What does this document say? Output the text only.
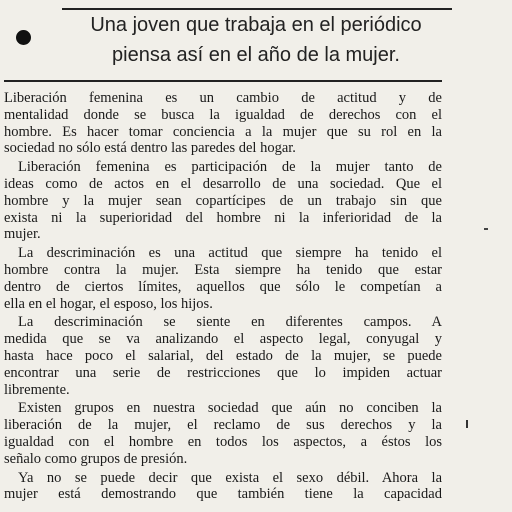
Una joven que trabaja en el periódico
piensa así en el año de la mujer.
Liberación femenina es un cambio de actitud y de
mentalidad donde se busca la igualdad de derechos con el
hombre. Es hacer tomar conciencia a la mujer que su rol en la
sociedad no sólo está dentro las paredes del hogar.
Liberación femenina es participación de la mujer tanto de
ideas como de actos en el desarrollo de una sociedad. Que el
hombre y la mujer sean copartícipes de un trabajo sin que
exista ni la superioridad del hombre ni la inferioridad de la
mujer.
La descriminación es una actitud que siempre ha tenido el
hombre contra la mujer. Esta siempre ha tenido que estar
dentro de ciertos límites, aquellos que sólo le competían a
ella en el hogar, el esposo, los hijos.
La descriminación se siente en diferentes campos. A
medida que se va analizando el aspecto legal, conyugal y
hasta hace poco el salarial, del estado de la mujer, se puede
encontrar una serie de restricciones que lo impiden actuar
libremente.
Existen grupos en nuestra sociedad que aún no conciben la
liberación de la mujer, el reclamo de sus derechos y la
igualdad con el hombre en todos los aspectos, a éstos los
señalo como grupos de presión.
Ya no se puede decir que exista el sexo débil. Ahora la
mujer está demostrando que también tiene la capacidad
